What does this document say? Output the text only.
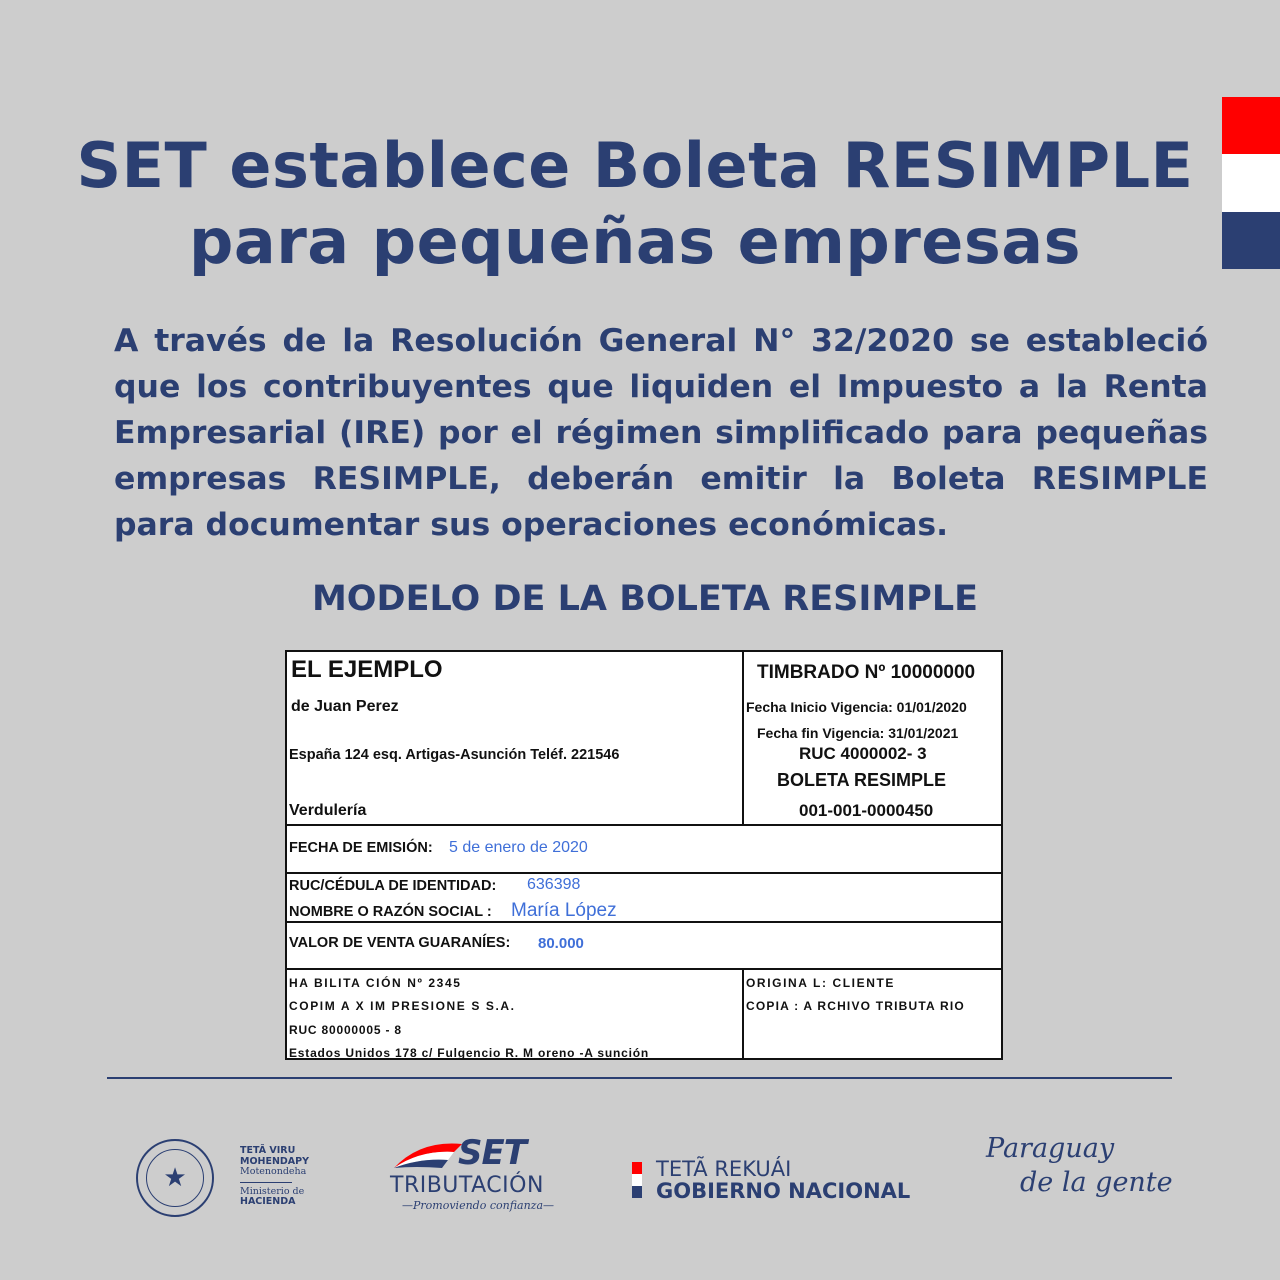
SET establece Boleta RESIMPLE
para pequeñas empresas
A través de la Resolución General N° 32/2020 se estableció
que los contribuyentes que liquiden el Impuesto a la Renta
Empresarial (IRE) por el régimen simplificado para pequeñas
empresas RESIMPLE, deberán emitir la Boleta RESIMPLE
para documentar sus operaciones económicas.
MODELO DE LA BOLETA RESIMPLE
EL EJEMPLO
de Juan Perez
España 124 esq. Artigas-Asunción Teléf. 221546
Verdulería
TIMBRADO Nº 10000000
Fecha Inicio Vigencia: 01/01/2020
Fecha fin Vigencia: 31/01/2021
RUC 4000002- 3
BOLETA RESIMPLE
001-001-0000450
FECHA DE EMISIÓN: 5 de enero de 2020
RUC/CÉDULA DE IDENTIDAD: 636398
NOMBRE O RAZÓN SOCIAL : María López
VALOR DE VENTA GUARANÍES: 80.000
HA BILITA CIÓN Nº 2345
COPIM A X IM PRESIONE S S.A.
RUC 80000005 - 8
Estados Unidos 178 c/ Fulgencio R. M oreno -A sunción
ORIGINA L: CLIENTE
COPIA : A RCHIVO TRIBUTA RIO
★
TETÃ VIRU
MOHENDAPY
Motenondeha
Ministerio de
HACIENDA
SET
TRIBUTACIÓN
—Promoviendo confianza—
TETÃ REKUÁI
GOBIERNO NACIONAL
Paraguay
de la gente
